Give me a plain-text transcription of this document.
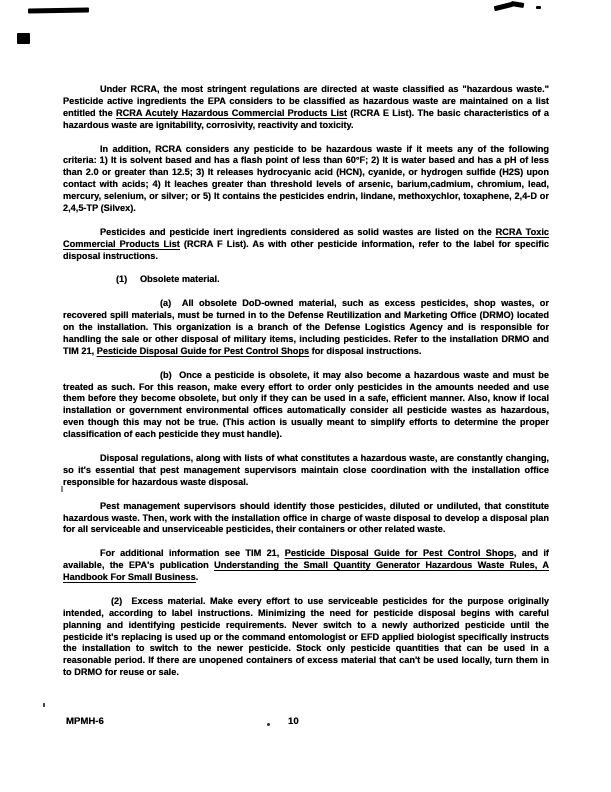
Under RCRA, the most stringent regulations are directed at waste classified as "hazardous waste." Pesticide active ingredients the EPA considers to be classified as hazardous waste are maintained on a list entitled the RCRA Acutely Hazardous Commercial Products List (RCRA E List). The basic characteristics of a hazardous waste are ignitability, corrosivity, reactivity and toxicity.

In addition, RCRA considers any pesticide to be hazardous waste if it meets any of the following criteria: 1) It is solvent based and has a flash point of less than 60°F; 2) It is water based and has a pH of less than 2.0 or greater than 12.5; 3) It releases hydrocyanic acid (HCN), cyanide, or hydrogen sulfide (H2S) upon contact with acids; 4) It leaches greater than threshold levels of arsenic, barium,cadmium, chromium, lead, mercury, selenium, or silver; or 5) It contains the pesticides endrin, lindane, methoxychlor, toxaphene, 2,4-D or 2,4,5-TP (Silvex).

Pesticides and pesticide inert ingredients considered as solid wastes are listed on the RCRA Toxic Commercial Products List (RCRA F List). As with other pesticide information, refer to the label for specific disposal instructions.

(1)     Obsolete material.

(a)  All obsolete DoD-owned material, such as excess pesticides, shop wastes, or recovered spill materials, must be turned in to the Defense Reutilization and Marketing Office (DRMO) located on the installation. This organization is a branch of the Defense Logistics Agency and is responsible for handling the sale or other disposal of military items, including pesticides. Refer to the installation DRMO and TIM 21, Pesticide Disposal Guide for Pest Control Shops for disposal instructions.

(b)  Once a pesticide is obsolete, it may also become a hazardous waste and must be treated as such. For this reason, make every effort to order only pesticides in the amounts needed and use them before they become obsolete, but only if they can be used in a safe, efficient manner. Also, know if local installation or government environmental offices automatically consider all pesticide wastes as hazardous, even though this may not be true. (This action is usually meant to simplify efforts to determine the proper classification of each pesticide they must handle).

Disposal regulations, along with lists of what constitutes a hazardous waste, are constantly changing, so it's essential that pest management supervisors maintain close coordination with the installation office responsible for hazardous waste disposal.

Pest management supervisors should identify those pesticides, diluted or undiluted, that constitute hazardous waste. Then, work with the installation office in charge of waste disposal to develop a disposal plan for all serviceable and unserviceable pesticides, their containers or other related waste.

For additional information see TIM 21, Pesticide Disposal Guide for Pest Control Shops, and if available, the EPA's publication Understanding the Small Quantity Generator Hazardous Waste Rules, A Handbook For Small Business.

(2)  Excess material. Make every effort to use serviceable pesticides for the purpose originally intended, according to label instructions. Minimizing the need for pesticide disposal begins with careful planning and identifying pesticide requirements. Never switch to a newly authorized pesticide until the pesticide it's replacing is used up or the command entomologist or EFD applied biologist specifically instructs the installation to switch to the newer pesticide. Stock only pesticide quantities that can be used in a reasonable period. If there are unopened containers of excess material that can't be used locally, turn them in to DRMO for reuse or sale.

MPMH-6	10
